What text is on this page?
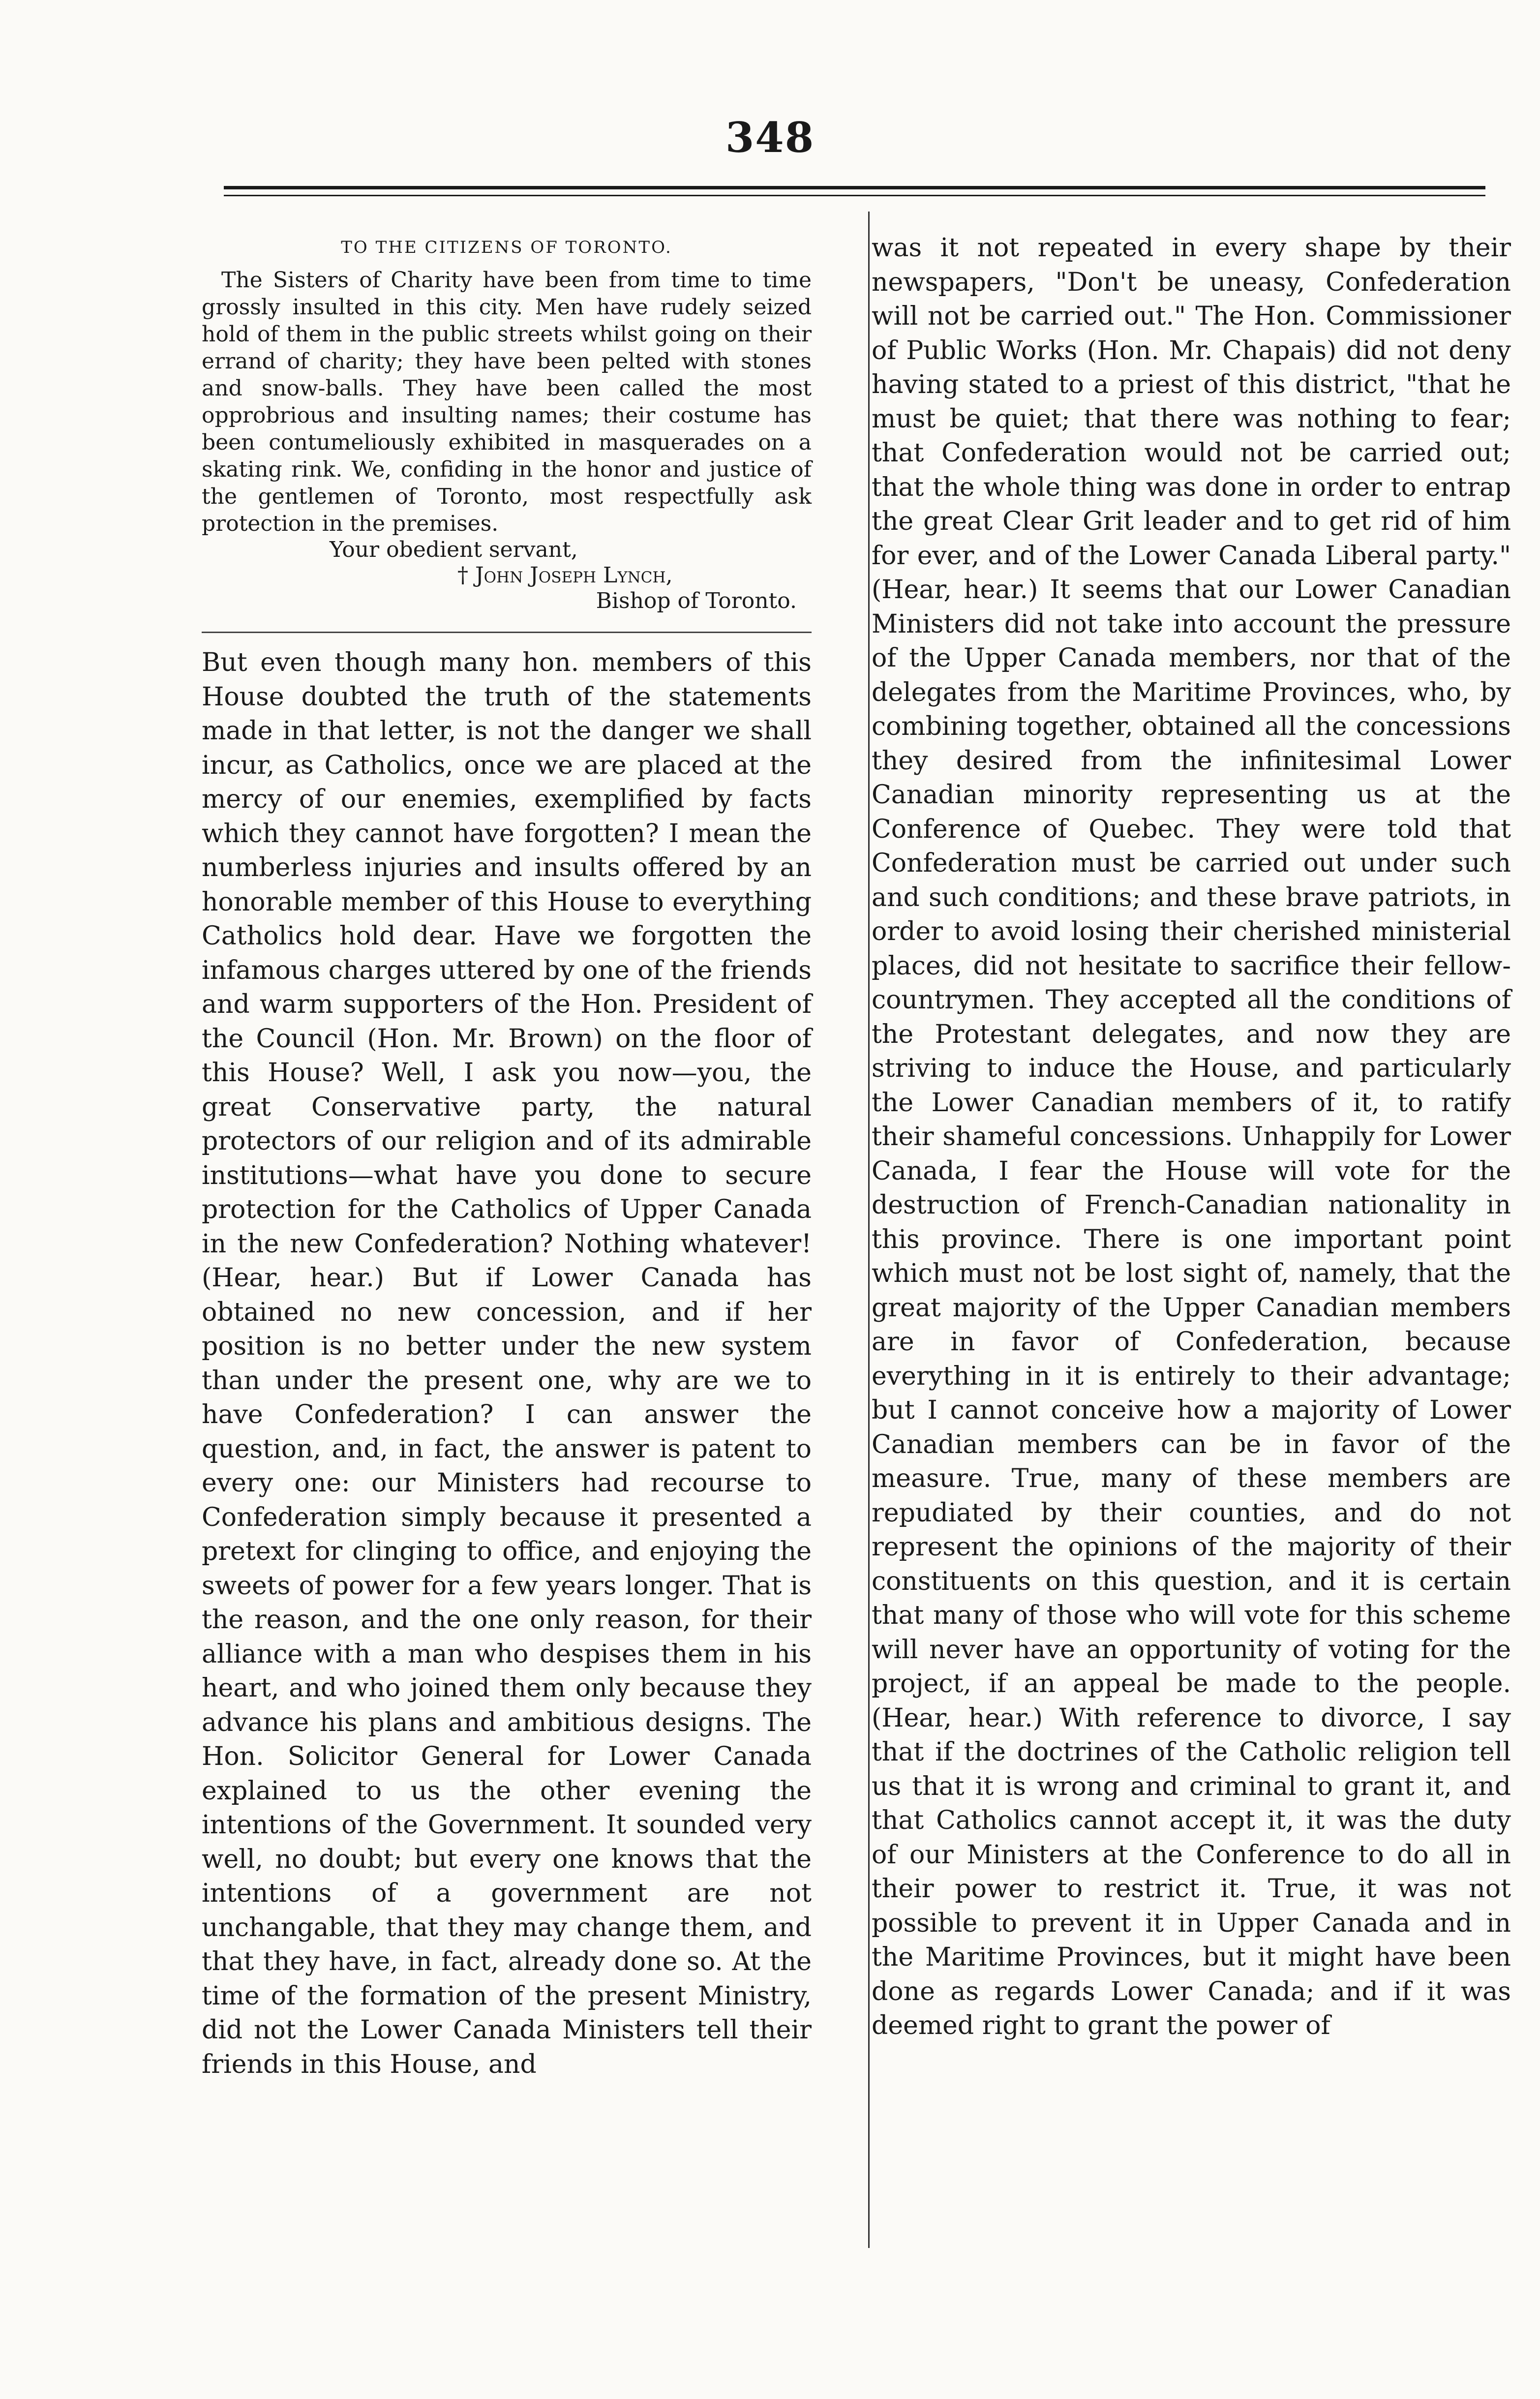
348
TO THE CITIZENS OF TORONTO.

The Sisters of Charity have been from time to time grossly insulted in this city. Men have rudely seized hold of them in the public streets whilst going on their errand of charity; they have been pelted with stones and snow-balls. They have been called the most opprobrious and insulting names; their costume has been contumeliously exhibited in masquerades on a skating rink. We, confiding in the honor and justice of the gentlemen of Toronto, most respectfully ask protection in the premises.

Your obedient servant,

† John Joseph Lynch,

Bishop of Toronto.

But even though many hon. members of this House doubted the truth of the statements made in that letter, is not the danger we shall incur, as Catholics, once we are placed at the mercy of our enemies, exemplified by facts which they cannot have forgotten? I mean the numberless injuries and insults offered by an honorable member of this House to everything Catholics hold dear. Have we forgotten the infamous charges uttered by one of the friends and warm supporters of the Hon. President of the Council (Hon. Mr. Brown) on the floor of this House? Well, I ask you now—you, the great Conservative party, the natural protectors of our religion and of its admirable institutions—what have you done to secure protection for the Catholics of Upper Canada in the new Confederation? Nothing whatever! (Hear, hear.) But if Lower Canada has obtained no new concession, and if her position is no better under the new system than under the present one, why are we to have Confederation? I can answer the question, and, in fact, the answer is patent to every one: our Ministers had recourse to Confederation simply because it presented a pretext for clinging to office, and enjoying the sweets of power for a few years longer. That is the reason, and the one only reason, for their alliance with a man who despises them in his heart, and who joined them only because they advance his plans and ambitious designs. The Hon. Solicitor General for Lower Canada explained to us the other evening the intentions of the Government. It sounded very well, no doubt; but every one knows that the intentions of a government are not unchangable, that they may change them, and that they have, in fact, already done so. At the time of the formation of the present Ministry, did not the Lower Canada Ministers tell their friends in this House, and

was it not repeated in every shape by their newspapers, "Don't be uneasy, Confederation will not be carried out." The Hon. Commissioner of Public Works (Hon. Mr. Chapais) did not deny having stated to a priest of this district, "that he must be quiet; that there was nothing to fear; that Confederation would not be carried out; that the whole thing was done in order to entrap the great Clear Grit leader and to get rid of him for ever, and of the Lower Canada Liberal party." (Hear, hear.) It seems that our Lower Canadian Ministers did not take into account the pressure of the Upper Canada members, nor that of the delegates from the Maritime Provinces, who, by combining together, obtained all the concessions they desired from the infinitesimal Lower Canadian minority representing us at the Conference of Quebec. They were told that Confederation must be carried out under such and such conditions; and these brave patriots, in order to avoid losing their cherished ministerial places, did not hesitate to sacrifice their fellow-countrymen. They accepted all the conditions of the Protestant delegates, and now they are striving to induce the House, and particularly the Lower Canadian members of it, to ratify their shameful concessions. Unhappily for Lower Canada, I fear the House will vote for the destruction of French-Canadian nationality in this province. There is one important point which must not be lost sight of, namely, that the great majority of the Upper Canadian members are in favor of Confederation, because everything in it is entirely to their advantage; but I cannot conceive how a majority of Lower Canadian members can be in favor of the measure. True, many of these members are repudiated by their counties, and do not represent the opinions of the majority of their constituents on this question, and it is certain that many of those who will vote for this scheme will never have an opportunity of voting for the project, if an appeal be made to the people. (Hear, hear.) With reference to divorce, I say that if the doctrines of the Catholic religion tell us that it is wrong and criminal to grant it, and that Catholics cannot accept it, it was the duty of our Ministers at the Conference to do all in their power to restrict it. True, it was not possible to prevent it in Upper Canada and in the Maritime Provinces, but it might have been done as regards Lower Canada; and if it was deemed right to grant the power of
